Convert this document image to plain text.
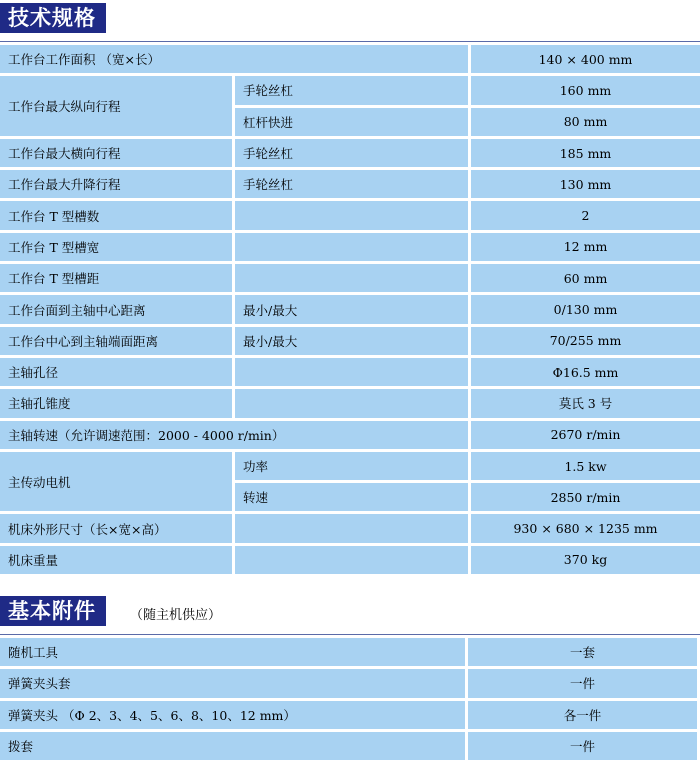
技术规格
工作台工作面积 （宽×长）		140 × 400 mm
工作台最大纵向行程	手轮丝杠	160 mm
	杠杆快进	80 mm
工作台最大横向行程	手轮丝杠	185 mm
工作台最大升降行程	手轮丝杠	130 mm
工作台 T 型槽数		2
工作台 T 型槽宽		12 mm
工作台 T 型槽距		60 mm
工作台面到主轴中心距离	最小/最大	0/130 mm
工作台中心到主轴端面距离	最小/最大	70/255 mm
主轴孔径		Φ16.5 mm
主轴孔锥度		莫氏 3 号
主轴转速（允许调速范围：2000 - 4000 r/min）		2670 r/min
主传动电机	功率	1.5 kw
	转速	2850 r/min
机床外形尺寸（长×宽×高）		930 × 680 × 1235 mm
机床重量		370 kg
基本附件	（随主机供应）
随机工具	一套
弹簧夹头套	一件
弹簧夹头 （Φ 2、3、4、5、6、8、10、12 mm）	各一件
拨套	一件
